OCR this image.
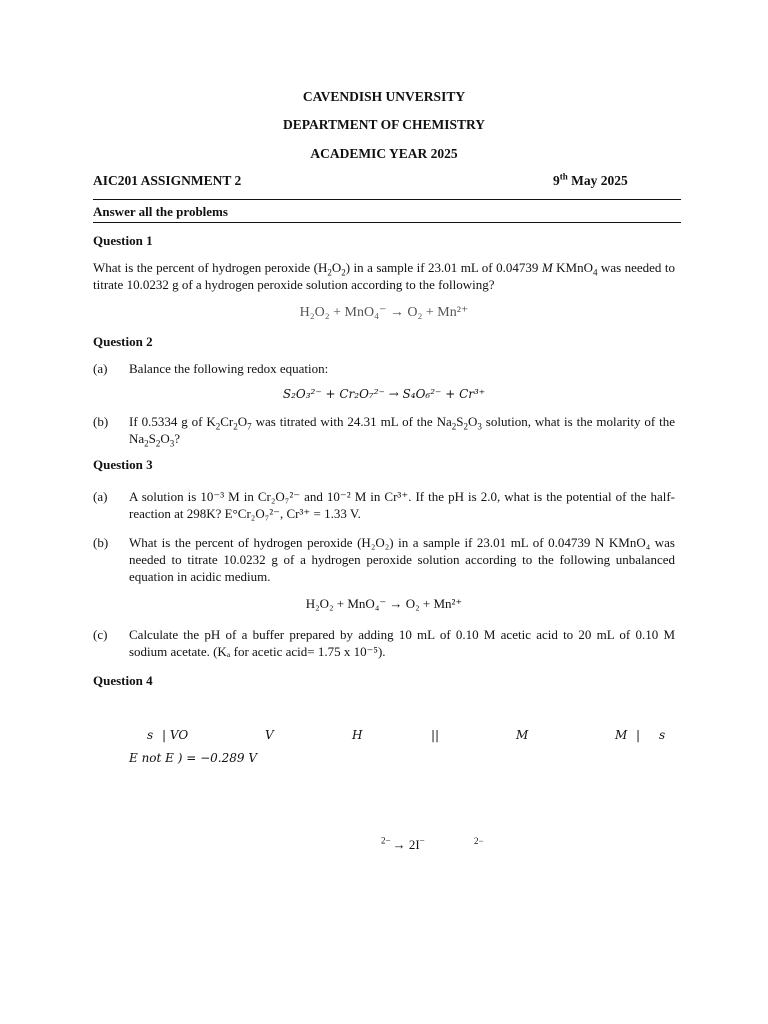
CAVENDISH UNVERSITY
DEPARTMENT OF CHEMISTRY
ACADEMIC YEAR 2025
AIC201 ASSIGNMENT 2	9th May 2025
Answer all the problems
Question 1
What is the percent of hydrogen peroxide $(H_2O_2)$ in a sample if 23.01 mL of 0.04739 M KMnO$_4$ was needed to titrate 10.0232 g of a hydrogen peroxide solution according to the following?
H₂O₂ + MnO₄⁻ → O₂ + Mn²⁺
Question 2
(a) Balance the following redox equation:
S₂O₃²⁻ + Cr₂O₇²⁻ → S₄O₆²⁻ + Cr³⁺
(b) If 0.5334 g of $K_2Cr_2O_7$ was titrated with 24.31 mL of the $Na_2S_2O_3$ solution, what is the molarity of the $Na_2S_2O_3$?
Question 3
(a) A solution is 10⁻³ M in Cr₂O₇²⁻ and 10⁻² M in Cr³⁺. If the pH is 2.0, what is the potential of the half-reaction at 298K? E°Cr₂O₇²⁻, Cr³⁺ = 1.33 V.
(b) What is the percent of hydrogen peroxide (H₂O₂) in a sample if 23.01 mL of 0.04739 N KMnO₄ was needed to titrate 10.0232 g of a hydrogen peroxide solution according to the following unbalanced equation in acidic medium.
H₂O₂ + MnO₄⁻ → O₂ + Mn²⁺
(c) Calculate the pH of a buffer prepared by adding 10 mL of 0.10 M acetic acid to 20 mL of 0.10 M sodium acetate. (Kₐ for acetic acid= 1.75 x 10⁻⁵).
Question 4
s | VO	V	H	||	M	M | s
E not E ) = −0.289 V
$^{2-}$ → 2I−	2−
